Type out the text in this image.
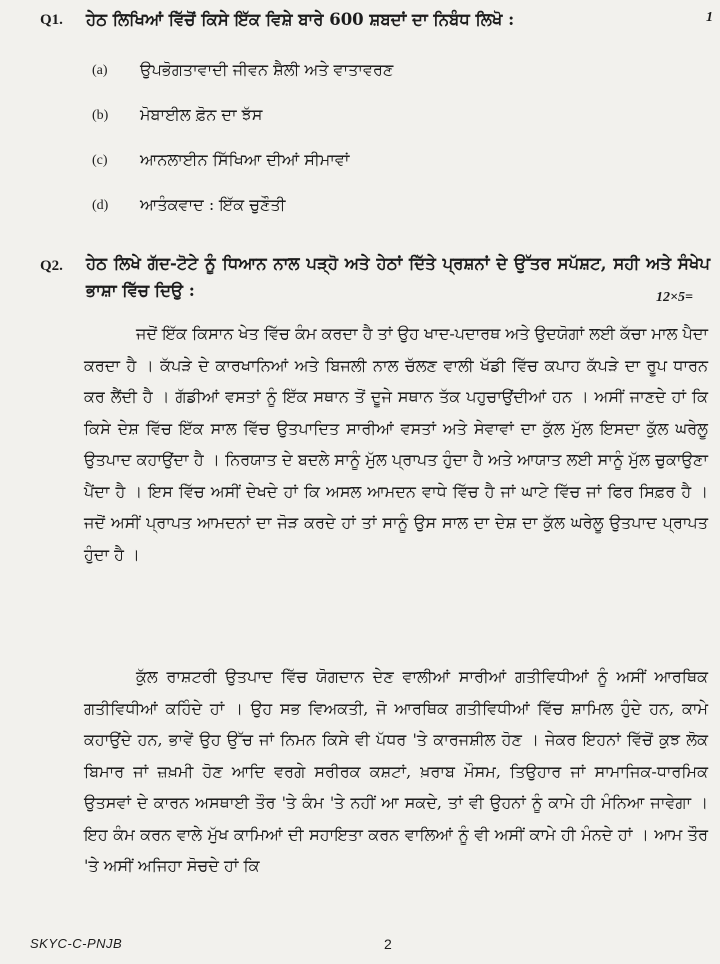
Q1. ਹੇਠ ਲਿਖਿਆਂ ਵਿੱਚੋਂ ਕਿਸੇ ਇੱਕ ਵਿਸ਼ੇ ਬਾਰੇ 600 ਸ਼ਬਦਾਂ ਦਾ ਨਿਬੰਧ ਲਿਖੋ :	1
(a) ਉਪਭੋਗਤਾਵਾਦੀ ਜੀਵਨ ਸ਼ੈਲੀ ਅਤੇ ਵਾਤਾਵਰਣ
(b) ਮੋਬਾਈਲ ਫ਼ੋਨ ਦਾ ਝੱਸ
(c) ਆਨਲਾਈਨ ਸਿੱਖਿਆ ਦੀਆਂ ਸੀਮਾਵਾਂ
(d) ਆਤੰਕਵਾਦ : ਇੱਕ ਚੁਣੌਤੀ
Q2. ਹੇਠ ਲਿਖੇ ਗੱਦ-ਟੋਟੇ ਨੂੰ ਧਿਆਨ ਨਾਲ ਪੜ੍ਹੋ ਅਤੇ ਹੇਠਾਂ ਦਿੱਤੇ ਪ੍ਰਸ਼ਨਾਂ ਦੇ ਉੱਤਰ ਸਪੱਸ਼ਟ, ਸਹੀ ਅਤੇ ਸੰਖੇਪ ਭਾਸ਼ਾ ਵਿੱਚ ਦਿਉ :	12×5=
ਜਦੋਂ ਇੱਕ ਕਿਸਾਨ ਖੇਤ ਵਿੱਚ ਕੰਮ ਕਰਦਾ ਹੈ ਤਾਂ ਉਹ ਖਾਦ-ਪਦਾਰਥ ਅਤੇ ਉਦਯੋਗਾਂ ਲਈ ਕੱਚਾ ਮਾਲ ਪੈਦਾ ਕਰਦਾ ਹੈ । ਕੱਪੜੇ ਦੇ ਕਾਰਖਾਨਿਆਂ ਅਤੇ ਬਿਜਲੀ ਨਾਲ ਚੱਲਣ ਵਾਲੀ ਖੱਡੀ ਵਿੱਚ ਕਪਾਹ ਕੱਪੜੇ ਦਾ ਰੂਪ ਧਾਰਨ ਕਰ ਲੈਂਦੀ ਹੈ । ਗੱਡੀਆਂ ਵਸਤਾਂ ਨੂੰ ਇੱਕ ਸਥਾਨ ਤੋਂ ਦੂਜੇ ਸਥਾਨ ਤੱਕ ਪਹੁਚਾਉਂਦੀਆਂ ਹਨ । ਅਸੀਂ ਜਾਣਦੇ ਹਾਂ ਕਿ ਕਿਸੇ ਦੇਸ਼ ਵਿੱਚ ਇੱਕ ਸਾਲ ਵਿੱਚ ਉਤਪਾਦਿਤ ਸਾਰੀਆਂ ਵਸਤਾਂ ਅਤੇ ਸੇਵਾਵਾਂ ਦਾ ਕੁੱਲ ਮੁੱਲ ਇਸਦਾ ਕੁੱਲ ਘਰੇਲੂ ਉਤਪਾਦ ਕਹਾਉਂਦਾ ਹੈ । ਨਿਰਯਾਤ ਦੇ ਬਦਲੇ ਸਾਨੂੰ ਮੁੱਲ ਪ੍ਰਾਪਤ ਹੁੰਦਾ ਹੈ ਅਤੇ ਆਯਾਤ ਲਈ ਸਾਨੂੰ ਮੁੱਲ ਚੁਕਾਉਣਾ ਪੈਂਦਾ ਹੈ । ਇਸ ਵਿੱਚ ਅਸੀਂ ਦੇਖਦੇ ਹਾਂ ਕਿ ਅਸਲ ਆਮਦਨ ਵਾਧੇ ਵਿੱਚ ਹੈ ਜਾਂ ਘਾਟੇ ਵਿੱਚ ਜਾਂ ਫਿਰ ਸਿਫ਼ਰ ਹੈ । ਜਦੋਂ ਅਸੀਂ ਪ੍ਰਾਪਤ ਆਮਦਨਾਂ ਦਾ ਜੋੜ ਕਰਦੇ ਹਾਂ ਤਾਂ ਸਾਨੂੰ ਉਸ ਸਾਲ ਦਾ ਦੇਸ਼ ਦਾ ਕੁੱਲ ਘਰੇਲੂ ਉਤਪਾਦ ਪ੍ਰਾਪਤ ਹੁੰਦਾ ਹੈ ।
ਕੁੱਲ ਰਾਸ਼ਟਰੀ ਉਤਪਾਦ ਵਿੱਚ ਯੋਗਦਾਨ ਦੇਣ ਵਾਲੀਆਂ ਸਾਰੀਆਂ ਗਤੀਵਿਧੀਆਂ ਨੂੰ ਅਸੀਂ ਆਰਥਿਕ ਗਤੀਵਿਧੀਆਂ ਕਹਿੰਦੇ ਹਾਂ । ਉਹ ਸਭ ਵਿਅਕਤੀ, ਜੋ ਆਰਥਿਕ ਗਤੀਵਿਧੀਆਂ ਵਿੱਚ ਸ਼ਾਮਿਲ ਹੁੰਦੇ ਹਨ, ਕਾਮੇ ਕਹਾਉਂਦੇ ਹਨ, ਭਾਵੇਂ ਉਹ ਉੱਚ ਜਾਂ ਨਿਮਨ ਕਿਸੇ ਵੀ ਪੱਧਰ 'ਤੇ ਕਾਰਜਸ਼ੀਲ ਹੋਣ । ਜੇਕਰ ਇਹਨਾਂ ਵਿੱਚੋਂ ਕੁਝ ਲੋਕ ਬਿਮਾਰ ਜਾਂ ਜ਼ਖ਼ਮੀ ਹੋਣ ਆਦਿ ਵਰਗੇ ਸਰੀਰਕ ਕਸ਼ਟਾਂ, ਖ਼ਰਾਬ ਮੌਸਮ, ਤਿਉਹਾਰ ਜਾਂ ਸਾਮਾਜਿਕ-ਧਾਰਮਿਕ ਉਤਸਵਾਂ ਦੇ ਕਾਰਨ ਅਸਥਾਈ ਤੌਰ 'ਤੇ ਕੰਮ 'ਤੇ ਨਹੀਂ ਆ ਸਕਦੇ, ਤਾਂ ਵੀ ਉਹਨਾਂ ਨੂੰ ਕਾਮੇ ਹੀ ਮੰਨਿਆ ਜਾਵੇਗਾ । ਇਹ ਕੰਮ ਕਰਨ ਵਾਲੇ ਮੁੱਖ ਕਾਮਿਆਂ ਦੀ ਸਹਾਇਤਾ ਕਰਨ ਵਾਲਿਆਂ ਨੂੰ ਵੀ ਅਸੀਂ ਕਾਮੇ ਹੀ ਮੰਨਦੇ ਹਾਂ । ਆਮ ਤੌਰ 'ਤੇ ਅਸੀਂ ਅਜਿਹਾ ਸੋਚਦੇ ਹਾਂ ਕਿ
SKYC-C-PNJB	2
